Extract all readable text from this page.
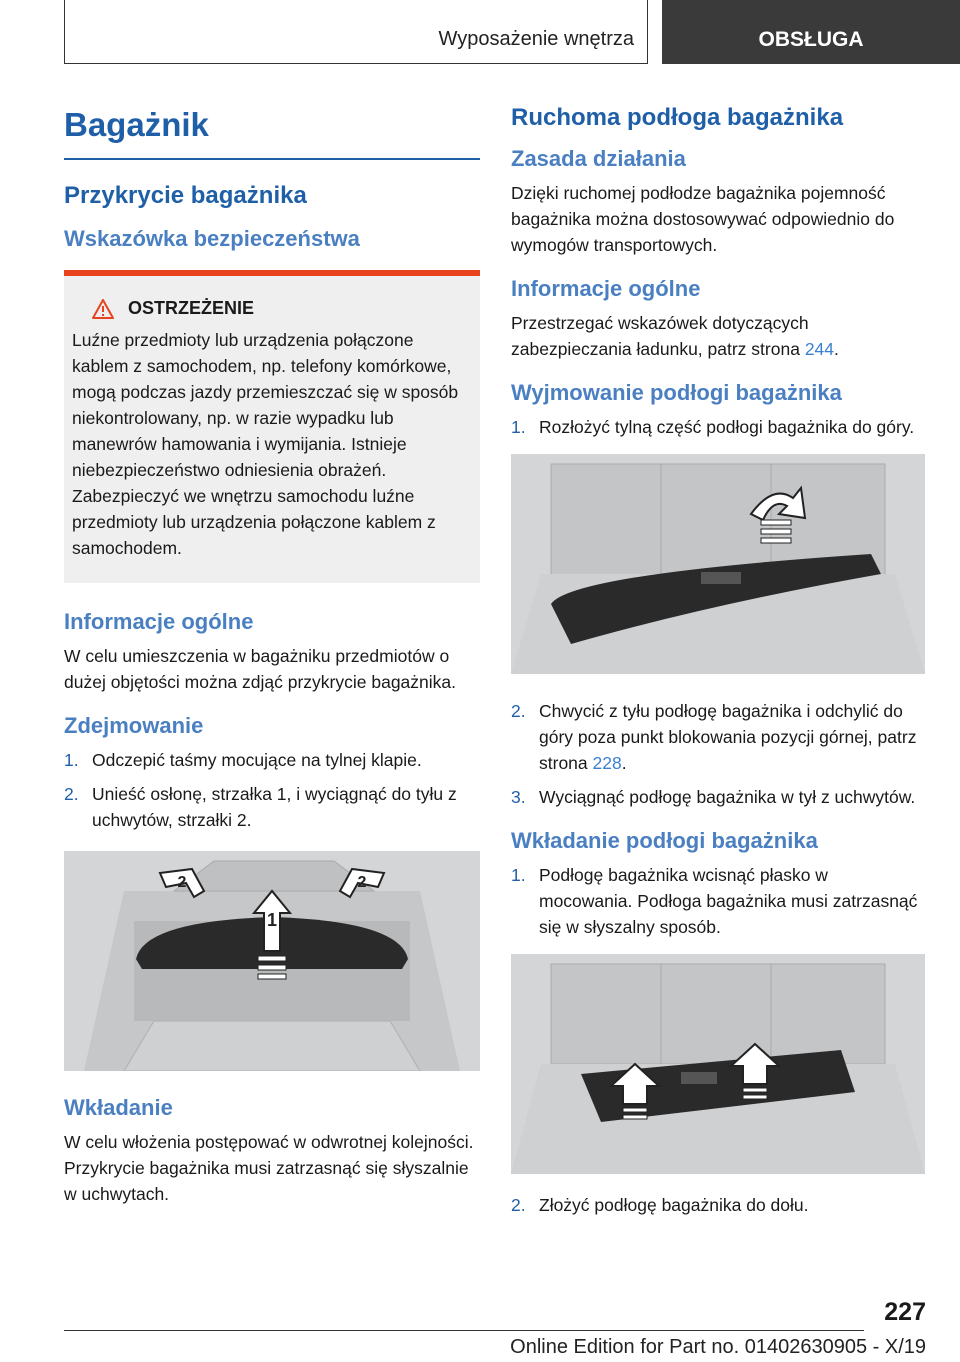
Wyposażenie wnętrza	OBSŁUGA
Bagażnik
Przykrycie bagażnika
Wskazówka bezpieczeństwa
OSTRZEŻENIE

Luźne przedmioty lub urządzenia połączone kablem z samochodem, np. telefony komórkowe, mogą podczas jazdy przemieszczać się w sposób niekontrolowany, np. w razie wypadku lub manewrów hamowania i wymijania. Istnieje niebezpieczeństwo odniesienia obrażeń. Zabezpieczyć we wnętrzu samochodu luźne przedmioty lub urządzenia połączone kablem z samochodem.

Informacje ogólne

W celu umieszczenia w bagażniku przedmiotów o dużej objętości można zdjąć przykrycie bagażnika.

Zdejmowanie
1. Odczepić taśmy mocujące na tylnej klapie.
2. Unieść osłonę, strzałka 1, i wyciągnąć do tyłu z uchwytów, strzałki 2.
1
2	2
Wkładanie

W celu włożenia postępować w odwrotnej kolejności. Przykrycie bagażnika musi zatrzasnąć się słyszalnie w uchwytach.

Ruchoma podłoga bagażnika
Zasada działania

Dzięki ruchomej podłodze bagażnika pojemność bagażnika można dostosowywać odpowiednio do wymogów transportowych.

Informacje ogólne

Przestrzegać wskazówek dotyczących zabezpieczania ładunku, patrz strona 244.

Wyjmowanie podłogi bagażnika
1. Rozłożyć tylną część podłogi bagażnika do góry.
2. Chwycić z tyłu podłogę bagażnika i odchylić do góry poza punkt blokowania pozycji górnej, patrz strona 228.
3. Wyciągnąć podłogę bagażnika w tył z uchwytów.
Wkładanie podłogi bagażnika
1. Podłogę bagażnika wcisnąć płasko w mocowania. Podłoga bagażnika musi zatrzasnąć się w słyszalny sposób.
2. Złożyć podłogę bagażnika do dołu.
227
Online Edition for Part no. 01402630905 - X/19
